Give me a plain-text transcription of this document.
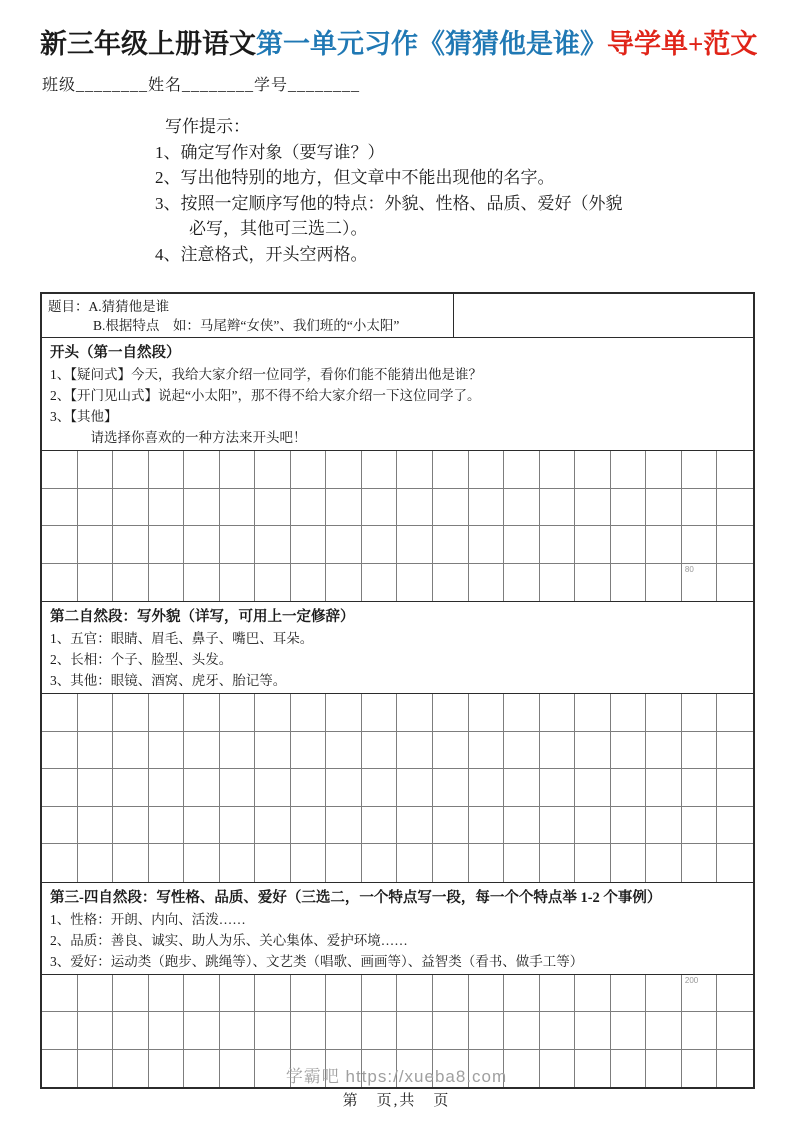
新三年级上册语文第一单元习作《猜猜他是谁》导学单+范文
班级________姓名________学号________
写作提示：
1、确定写作对象（要写谁？）
2、写出他特别的地方，但文章中不能出现他的名字。
3、按照一定顺序写他的特点：外貌、性格、品质、爱好（外貌
　　必写，其他可三选二）。
4、注意格式，开头空两格。
题目：A.猜猜他是谁
B.根据特点　如：马尾辫“女侠”、我们班的“小太阳”
开头（第一自然段）
1、【疑问式】今天，我给大家介绍一位同学，看你们能不能猜出他是谁？
2、【开门见山式】说起“小太阳”，那不得不给大家介绍一下这位同学了。
3、【其他】
　　　请选择你喜欢的一种方法来开头吧！
80
第二自然段：写外貌（详写，可用上一定修辞）
1、五官：眼睛、眉毛、鼻子、嘴巴、耳朵。
2、长相：个子、脸型、头发。
3、其他：眼镜、酒窝、虎牙、胎记等。
第三-四自然段：写性格、品质、爱好（三选二，一个特点写一段，每一个个特点举 1-2 个事例）
1、性格：开朗、内向、活泼……
2、品质：善良、诚实、助人为乐、关心集体、爱护环境……
3、爱好：运动类（跑步、跳绳等）、文艺类（唱歌、画画等）、益智类（看书、做手工等）
200
学霸吧 https://xueba8.com
第　页,共　页
